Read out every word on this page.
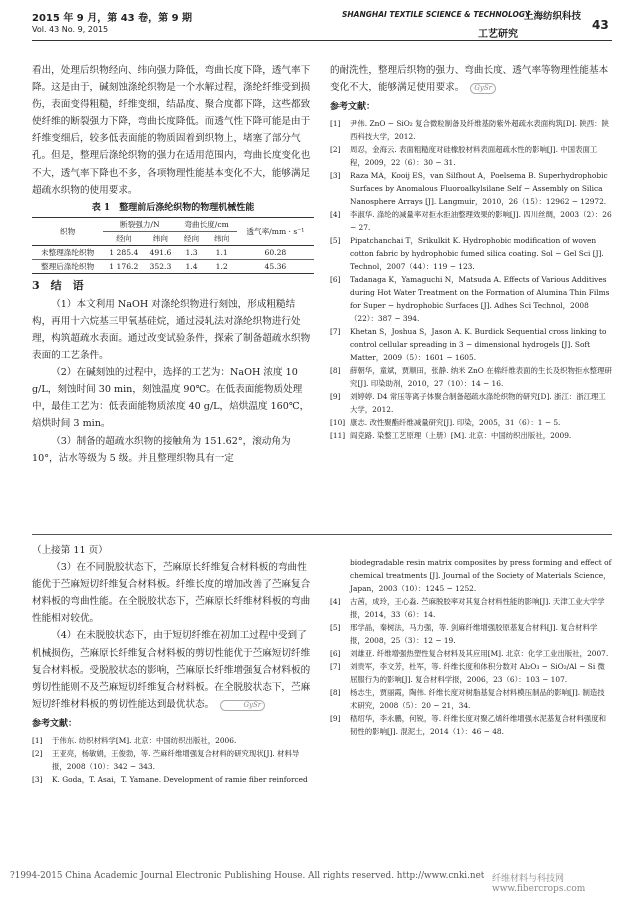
2015 年 9 月，第 43 卷，第 9 期
Vol. 43 No. 9, 2015
SHANGHAI TEXTILE SCIENCE & TECHNOLOGY
上海纺织科技
工艺研究
43

看出，处理后织物经向、纬向强力降低，弯曲长度下降，透气率下降。这是由于，碱刻蚀涤纶织物是一个水解过程，涤纶纤维受到损伤，表面变得粗糙，纤维变细，结晶度、聚合度都下降，这些都致使纤维的断裂强力下降，弯曲长度降低。而透气性下降可能是由于纤维变细后，较多低表面能的物质固着到织物上，堵塞了部分气孔。但是，整理后涤纶织物的强力在适用范围内，弯曲长度变化也不大，透气率下降也不多，各项物理性能基本变化不大，能够满足超疏水织物的使用要求。

表 1　整理前后涤纶织物的物理机械性能

织物	断裂强力/N		弯曲长度/cm		透气率/mm · s⁻¹
	经向	纬向	经向	纬向	
未整理涤纶织物	1 285.4	491.6	1.3	1.1	60.28
整理后涤纶织物	1 176.2	352.3	1.4	1.2	45.36

3　结　语

（1）本文利用 NaOH 对涤纶织物进行刻蚀，形成粗糙结构，再用十六烷基三甲氧基硅烷，通过浸轧法对涤纶织物进行处理，构筑超疏水表面。通过改变试验条件，探索了制备超疏水织物表面的工艺条件。

（2）在碱刻蚀的过程中，选择的工艺为：NaOH 浓度 10 g/L，刻蚀时间 30 min，刻蚀温度 90℃。在低表面能物质处理中，最佳工艺为：低表面能物质浓度 40 g/L，焙烘温度 160℃，焙烘时间 3 min。

（3）制备的超疏水织物的接触角为 151.62°，滚动角为 10°，沾水等级为 5 级。并且整理织物具有一定

的耐洗性，整理后织物的强力、弯曲长度、透气率等物理性能基本变化不大，能够满足使用要求。 GySr

参考文献：

[1]	尹伟. ZnO − SiO₂ 复合微粒制备及纤维基防紫外超疏水表面构筑[D]. 陕西：陕西科技大学，2012.
[2]	周忍，金海云. 表面粗糙度对硅橡胶材料表面超疏水性的影响[J]. 中国表面工程，2009，22（6）：30 − 31.
[3]	Raza MA，Kooij ES，van Silfhout A，Poelsema B. Superhydrophobic Surfaces by Anomalous Fluoroalkylsilane Self − Assembly on Silica Nanosphere Arrays [J]. Langmuir，2010，26（15）：12962 − 12972.
[4]	李淑华. 涤纶的减量率对拒水拒油整理效果的影响[J]. 四川丝绸，2003（2）：26 − 27.
[5]	Pipatchanchai T，Srikulkit K. Hydrophobic modification of woven cotton fabric by hydrophobic fumed silica coating. Sol − Gel Sci [J]. Technol，2007（44）：119 − 123.
[6]	Tadanaga K，Yamaguchi N，Matsuda A. Effects of Various Additives during Hot Water Treatment on the Formation of Alumina Thin Films for Super − hydrophobic Surfaces [J]. Adhes Sci Technol，2008（22）：387 − 394.
[7]	Khetan S，Joshua S，Jason A. K. Burdick Sequential cross linking to control cellular spreading in 3 − dimensional hydrogels [J]. Soft Matter，2009（5）：1601 − 1605.
[8]	薛朝华，童斌，贾顺田，张静. 纳米 ZnO 在棉纤维表面的生长及织物拒水整理研究[J]. 印染助剂，2010，27（10）：14 − 16.
[9]	刘婷婷. D4 常压等离子体聚合制备超疏水涤纶织物的研究[D]. 浙江：浙江理工大学，2012.
[10] 康志. 改性聚酯纤维减量研究[J]. 印染，2005，31（6）：1 − 5.
[11] 阎克路. 染整工艺原理（上册）[M]. 北京：中国纺织出版社，2009.

（上接第 11 页）

（3）在不同脱胶状态下，苎麻原长纤维复合材料板的弯曲性能优于苎麻短切纤维复合材料板。纤维长度的增加改善了苎麻复合材料板的弯曲性能。在全脱胶状态下，苎麻原长纤维材料板的弯曲性能相对较优。

（4）在未脱胶状态下，由于短切纤维在初加工过程中受到了机械损伤，苎麻原长纤维复合材料板的剪切性能优于苎麻短切纤维复合材料板。受脱胶状态的影响，苎麻原长纤维增强复合材料板的剪切性能则不及苎麻短切纤维复合材料板。在全脱胶状态下，苎麻短切纤维材料板的剪切性能达到最优状态。	GySr

参考文献：

[1]	于伟东. 纺织材料学[M]. 北京：中国纺织出版社，2006.
[2]	王亚亮，杨敏娟，王俊勃，等. 苎麻纤维增强复合材料的研究现状[J]. 材料导报，2008（10）：342 − 343.
[3]	K. Goda，T. Asai，T. Yamane. Development of ramie fiber reinforced
biodegradable resin matrix composites by press forming and effect of chemical treatments [J]. Journal of the Society of Materials Science，Japan，2003（10）：1245 − 1252.
[4]	古茜，成玲，王心淼. 苎麻脱胶率对其复合材料性能的影响[J]. 天津工业大学学报，2014，33（6）：14.
[5]	邢学晶，秦树法，马力强，等. 剑麻纤维增强胶原基复合材料[J]. 复合材料学报，2008，25（3）：12 − 19.
[6]	刘雄亚. 纤维增强热塑性复合材料及其应用[M]. 北京：化学工业出版社，2007.
[7]	刘贵军，李文芳，杜军，等. 纤维长度和体积分数对 Al₂O₃ − SiO₂/Al − Si 微屈服行为的影响[J]. 复合材料学报，2006，23（6）：103 − 107.
[8]	杨志生，贾丽霞，陶伟. 纤维长度对树脂基复合材料模压制品的影响[J]. 制造技术研究，2008（5）：20 − 21，34.
[9]	嵇绍华，李永鹏，何锐，等. 纤维长度对聚乙烯纤维增强水泥基复合材料强度和韧性的影响[J]. 混泥土，2014（1）：46 − 48.
?1994-2015 China Academic Journal Electronic Publishing House. All rights reserved. http://www.cnki.net 纤维材料与科技网 www.fibercrops.com
